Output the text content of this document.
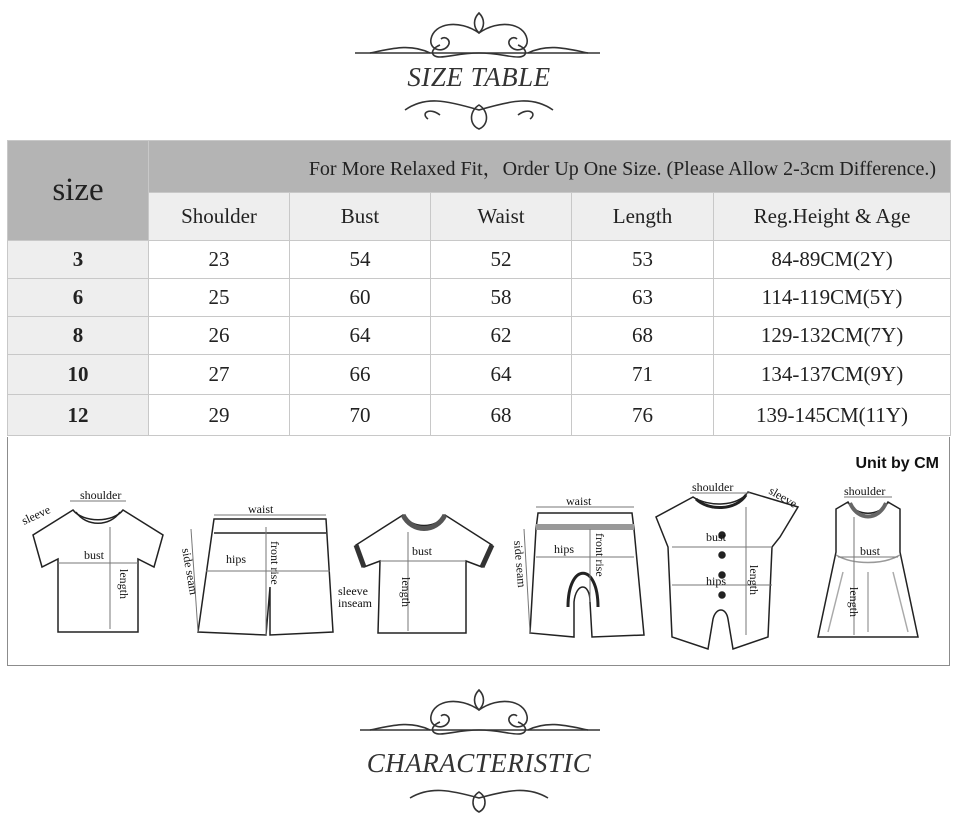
SIZE TABLE
size	For More Relaxed Fit，Order Up One Size. (Please Allow 2-3cm Difference.)				
	Shoulder	Bust	Waist	Length	Reg.Height & Age
3	23	54	52	53	84-89CM(2Y)
6	25	60	58	63	114-119CM(5Y)
8	26	64	62	68	129-132CM(7Y)
10	27	66	64	71	134-137CM(9Y)
12	29	70	68	76	139-145CM(11Y)
Unit by CM
shoulder
sleeve
bust
length
waist
hips front rise
side seam	bust
length
sleeve
inseam
waist
hips front rise
side seam
shoulder	sleeve
bust
hips length
shoulder
bust
length
CHARACTERISTIC
